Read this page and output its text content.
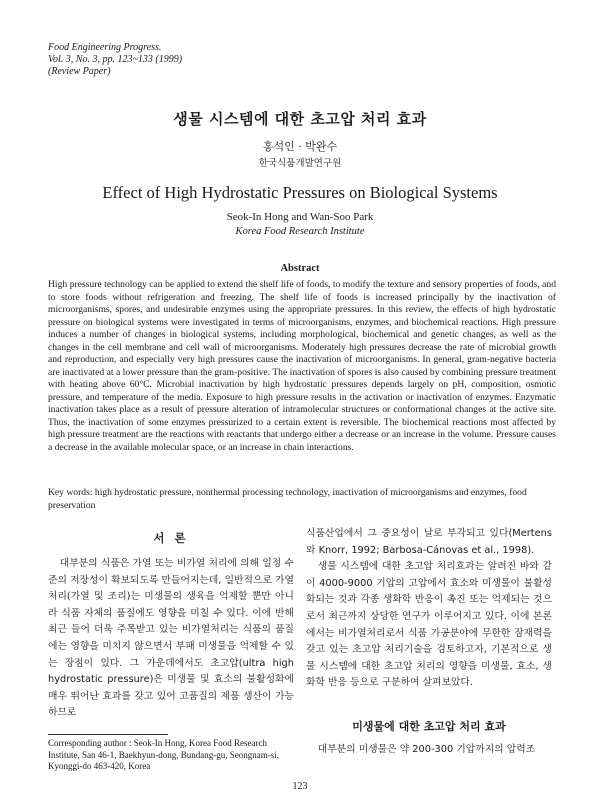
Food Engineering Progress.
Vol. 3, No. 3, pp. 123~133 (1999)
(Review Paper)
생물 시스템에 대한 초고압 처리 효과
홍석인 · 박완수
한국식품개발연구원
Effect of High Hydrostatic Pressures on Biological Systems
Seok-In Hong and Wan-Soo Park
Korea Food Research Institute
Abstract
High pressure technology can be applied to extend the shelf life of foods, to modify the texture and sensory properties of foods, and to store foods without refrigeration and freezing. The shelf life of foods is increased principally by the inactivation of microorganisms, spores, and undesirable enzymes using the appropriate pressures. In this review, the effects of high hydrostatic pressure on biological systems were investigated in terms of microorganisms, enzymes, and biochemical reactions. High pressure induces a number of changes in biological systems, including morphological, biochemical and genetic changes, as well as the changes in the cell membrane and cell wall of microorganisms. Moderately high pressures decrease the rate of microbial growth and reproduction, and especially very high pressures cause the inactivation of microorganisms. In general, gram-negative bacteria are inactivated at a lower pressure than the gram-positive. The inactivation of spores is also caused by combining pressure treatment with heating above 60°C. Microbial inactivation by high hydrostatic pressures depends largely on pH, composition, osmotic pressure, and temperature of the media. Exposure to high pressure results in the activation or inactivation of enzymes. Enzymatic inactivation takes place as a result of pressure alteration of intramolecular structures or conformational changes at the active site. Thus, the inactivation of some enzymes pressurized to a certain extent is reversible. The biochemical reactions most affected by high pressure treatment are the reactions with reactants that undergo either a decrease or an increase in the volume. Pressure causes a decrease in the available molecular space, or an increase in chain interactions.
Key words: high hydrostatic pressure, nonthermal processing technology, inactivation of microorganisms and enzymes, food preservation
서 론

대부분의 식품은 가열 또는 비가열 처리에 의해 일정 수준의 저장성이 확보되도록 만들어지는데, 일반적으로 가열처리(가열 및 조리)는 미생물의 생육을 억제할 뿐만 아니라 식품 자체의 품질에도 영향을 미칠 수 있다. 이에 반해 최근 들어 더욱 주목받고 있는 비가열처리는 식품의 품질에는 영향을 미치지 않으면서 부패 미생물을 억제할 수 있는 장점이 있다. 그 가운데에서도 초고압(ultra high hydrostatic pressure)은 미생물 및 효소의 불활성화에 매우 뛰어난 효과를 갖고 있어 고품질의 제품 생산이 가능하므로

식품산업에서 그 중요성이 날로 부각되고 있다(Mertens와 Knorr, 1992; Barbosa-Cánovas et al., 1998).

생물 시스템에 대한 초고압 처리효과는 알려진 바와 같이 4000-9000 기압의 고압에서 효소와 미생물이 불활성화되는 것과 각종 생화학 반응이 촉진 또는 억제되는 것으로서 최근까지 상당한 연구가 이루어지고 있다. 이에 본론에서는 비가열처리로서 식품 가공분야에 무한한 잠재력을 갖고 있는 초고압 처리기술을 검토하고자, 기본적으로 생물 시스템에 대한 초고압 처리의 영향을 미생물, 효소, 생화학 반응 등으로 구분하여 살펴보았다.

미생물에 대한 초고압 처리 효과
대부분의 미생물은 약 200-300 기압까지의 압력조
Corresponding author : Seok-In Hong, Korea Food Research Institute, San 46-1, Baekhyun-dong, Bundang-gu, Seongnam-si, Kyonggi-do 463-420, Korea
123
